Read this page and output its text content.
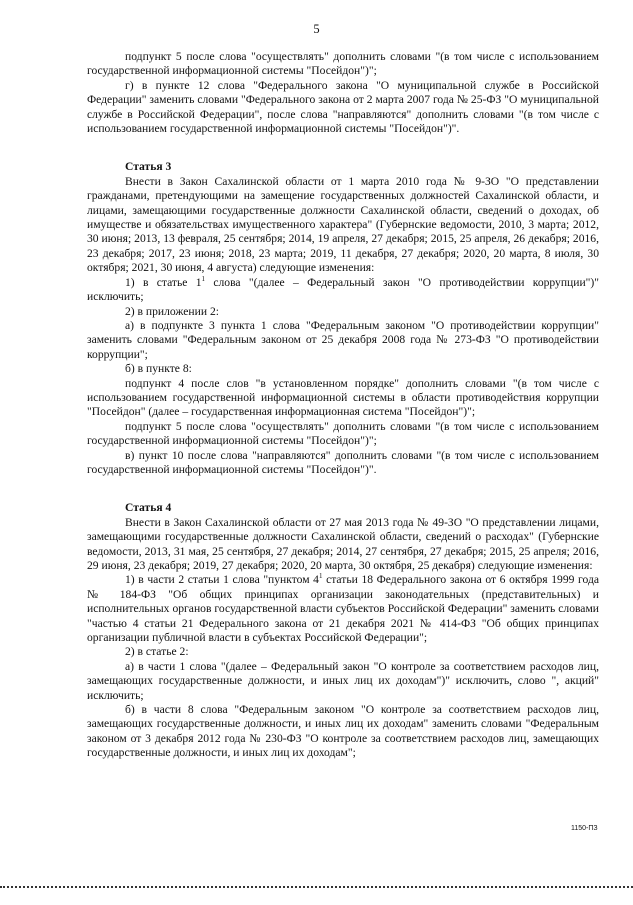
5

подпункт 5 после слова "осуществлять" дополнить словами "(в том числе с использованием государственной информационной системы "Посейдон")";

г) в пункте 12 слова "Федерального закона "О муниципальной службе в Российской Федерации" заменить словами "Федерального закона от 2 марта 2007 года № 25-ФЗ "О муниципальной службе в Российской Федерации", после слова "направляются" дополнить словами "(в том числе с использованием государственной информационной системы "Посейдон")".

Статья 3

Внести в Закон Сахалинской области от 1 марта 2010 года № 9-ЗО "О представлении гражданами, претендующими на замещение государственных должностей Сахалинской области, и лицами, замещающими государственные должности Сахалинской области, сведений о доходах, об имуществе и обязательствах имущественного характера" (Губернские ведомости, 2010, 3 марта; 2012, 30 июня; 2013, 13 февраля, 25 сентября; 2014, 19 апреля, 27 декабря; 2015, 25 апреля, 26 декабря; 2016, 23 декабря; 2017, 23 июня; 2018, 23 марта; 2019, 11 декабря, 27 декабря; 2020, 20 марта, 8 июля, 30 октября; 2021, 30 июня, 4 августа) следующие изменения:

1) в статье $1^1$ слова "(далее – Федеральный закон "О противодействии коррупции")" исключить;

2) в приложении 2:

а) в подпункте 3 пункта 1 слова "Федеральным законом "О противодействии коррупции" заменить словами "Федеральным законом от 25 декабря 2008 года № 273-ФЗ "О противодействии коррупции";

б) в пункте 8:

подпункт 4 после слов "в установленном порядке" дополнить словами "(в том числе с использованием государственной информационной системы в области противодействия коррупции "Посейдон" (далее – государственная информационная система "Посейдон")";

подпункт 5 после слова "осуществлять" дополнить словами "(в том числе с использованием государственной информационной системы "Посейдон")";

в) пункт 10 после слова "направляются" дополнить словами "(в том числе с использованием государственной информационной системы "Посейдон")".

Статья 4

Внести в Закон Сахалинской области от 27 мая 2013 года № 49-ЗО "О представлении лицами, замещающими государственные должности Сахалинской области, сведений о расходах" (Губернские ведомости, 2013, 31 мая, 25 сентября, 27 декабря; 2014, 27 сентября, 27 декабря; 2015, 25 апреля; 2016, 29 июня, 23 декабря; 2019, 27 декабря; 2020, 20 марта, 30 октября, 25 декабря) следующие изменения:

1) в части 2 статьи 1 слова "пунктом $4^1$ статьи 18 Федерального закона от 6 октября 1999 года № 184-ФЗ "Об общих принципах организации законодательных (представительных) и исполнительных органов государственной власти субъектов Российской Федерации" заменить словами "частью 4 статьи 21 Федерального закона от 21 декабря 2021 № 414-ФЗ "Об общих принципах организации публичной власти в субъектах Российской Федерации";

2) в статье 2:

а) в части 1 слова "(далее – Федеральный закон "О контроле за соответствием расходов лиц, замещающих государственные должности, и иных лиц их доходам")" исключить, слово ", акций" исключить;

б) в части 8 слова "Федеральным законом "О контроле за соответствием расходов лиц, замещающих государственные должности, и иных лиц их доходам" заменить словами "Федеральным законом от 3 декабря 2012 года № 230-ФЗ "О контроле за соответствием расходов лиц, замещающих государственные должности, и иных лиц их доходам";

1150-ПЗ
